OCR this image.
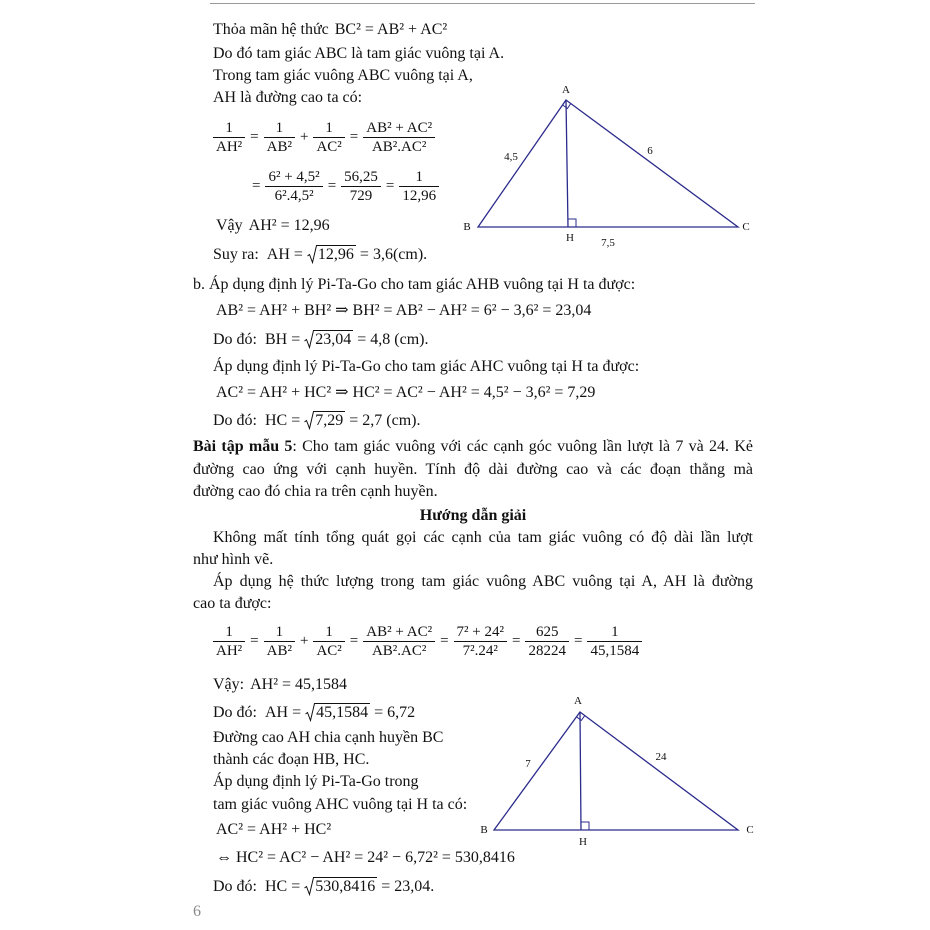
Thỏa mãn hệ thức BC² = AB² + AC²
Do đó tam giác ABC là tam giác vuông tại A.
Trong tam giác vuông ABC vuông tại A,
AH là đường cao ta có:
$\frac{1}{\text{AH²}} = \frac{1}{\text{AB²}} + \frac{1}{\text{AC²}} = \frac{\text{AB² + AC²}}{\text{AB².AC²}}$
= $\frac{\text{6² + 4,5²}}{\text{6².4,5²}} = \frac{56,25}{729} = \frac{1}{12,96}$
Vậy AH² = 12,96
Suy ra: AH = 12,96 = 3,6(cm).
b. Áp dụng định lý Pi-Ta-Go cho tam giác AHB vuông tại H ta được:
AB² = AH² + BH² ⇒ BH² = AB² − AH² = 6² − 3,6² = 23,04
Do đó: BH = 23,04 = 4,8 (cm).
Áp dụng định lý Pi-Ta-Go cho tam giác AHC vuông tại H ta được:
AC² = AH² + HC² ⇒ HC² = AC² − AH² = 4,5² − 3,6² = 7,29
Do đó: HC = 7,29 = 2,7 (cm).
Bài tập mẫu 5: Cho tam giác vuông với các cạnh góc vuông lần lượt là 7 và 24. Kẻ
đường cao ứng với cạnh huyền. Tính độ dài đường cao và các đoạn thẳng mà
đường cao đó chia ra trên cạnh huyền.
Hướng dẫn giải
Không mất tính tổng quát gọi các cạnh của tam giác vuông có độ dài lần lượt
như hình vẽ.
Áp dụng hệ thức lượng trong tam giác vuông ABC vuông tại A, AH là đường
cao ta được:
$\frac{1}{\text{AH²}} = \frac{1}{\text{AB²}} + \frac{1}{\text{AC²}} = \frac{\text{AB² + AC²}}{\text{AB².AC²}} = \frac{\text{7² + 24²}}{\text{7².24²}} = \frac{625}{28224} = \frac{1}{45,1584}$
Vậy: AH² = 45,1584
Do đó: AH = 45,1584 = 6,72
Đường cao AH chia cạnh huyền BC
thành các đoạn HB, HC.
Áp dụng định lý Pi-Ta-Go trong
tam giác vuông AHC vuông tại H ta có:
AC² = AH² + HC²
⇔ HC² = AC² − AH² = 24² − 6,72² = 530,8416
Do đó: HC = 530,8416 = 23,04.
6
A
B	C
H
4,5	6
7,5
A
B	C
H
7
24
